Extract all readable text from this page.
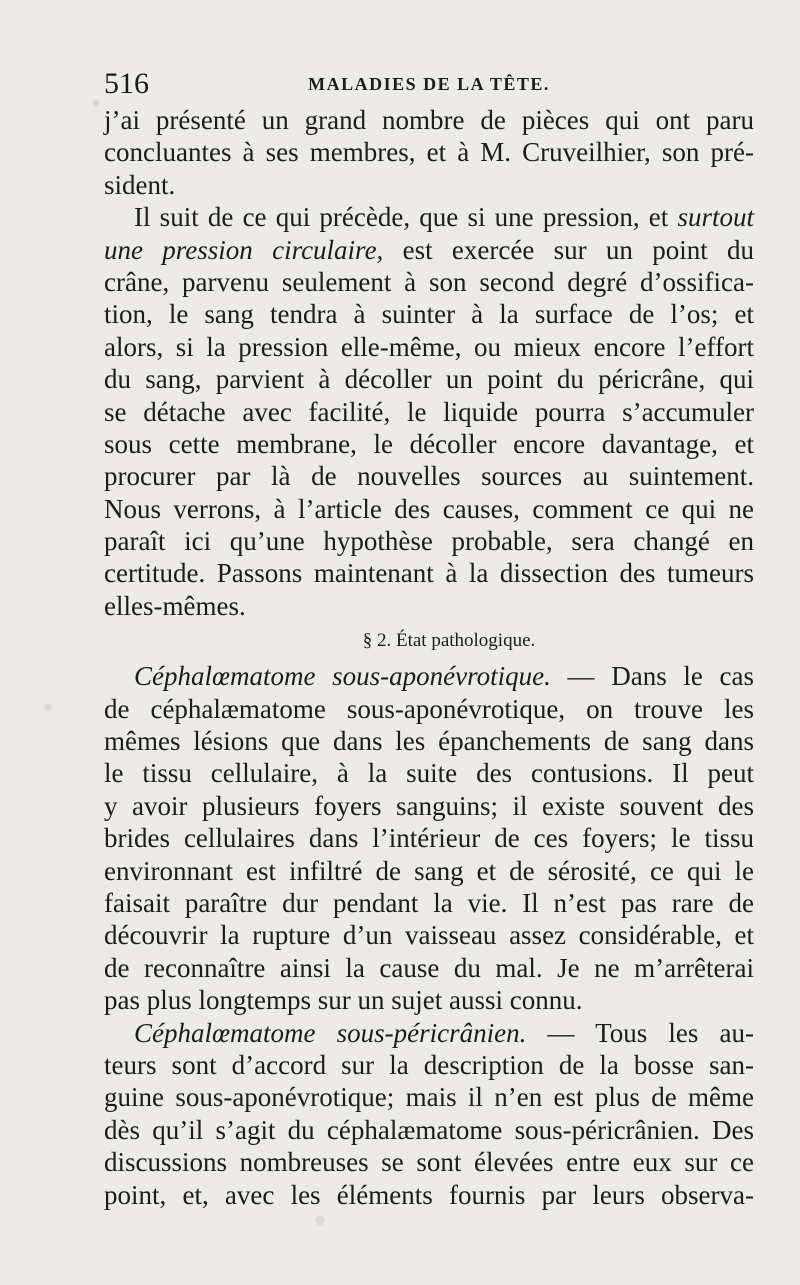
516	MALADIES DE LA TÊTE.
j’ai présenté un grand nombre de pièces qui ont paru
concluantes à ses membres, et à M. Cruveilhier, son pré-
sident.
Il suit de ce qui précède, que si une pression, et surtout
une pression circulaire, est exercée sur un point du
crâne, parvenu seulement à son second degré d’ossifica-
tion, le sang tendra à suinter à la surface de l’os; et
alors, si la pression elle-même, ou mieux encore l’effort
du sang, parvient à décoller un point du péricrâne, qui
se détache avec facilité, le liquide pourra s’accumuler
sous cette membrane, le décoller encore davantage, et
procurer par là de nouvelles sources au suintement.
Nous verrons, à l’article des causes, comment ce qui ne
paraît ici qu’une hypothèse probable, sera changé en
certitude. Passons maintenant à la dissection des tumeurs
elles-mêmes.
§ 2. État pathologique.
Céphalœmatome sous-aponévrotique. — Dans le cas
de céphalæmatome sous-aponévrotique, on trouve les
mêmes lésions que dans les épanchements de sang dans
le tissu cellulaire, à la suite des contusions. Il peut
y avoir plusieurs foyers sanguins; il existe souvent des
brides cellulaires dans l’intérieur de ces foyers; le tissu
environnant est infiltré de sang et de sérosité, ce qui le
faisait paraître dur pendant la vie. Il n’est pas rare de
découvrir la rupture d’un vaisseau assez considérable, et
de reconnaître ainsi la cause du mal. Je ne m’arrêterai
pas plus longtemps sur un sujet aussi connu.
Céphalœmatome sous-péricrânien. — Tous les au-
teurs sont d’accord sur la description de la bosse san-
guine sous-aponévrotique; mais il n’en est plus de même
dès qu’il s’agit du céphalæmatome sous-péricrânien. Des
discussions nombreuses se sont élevées entre eux sur ce
point, et, avec les éléments fournis par leurs observa-
